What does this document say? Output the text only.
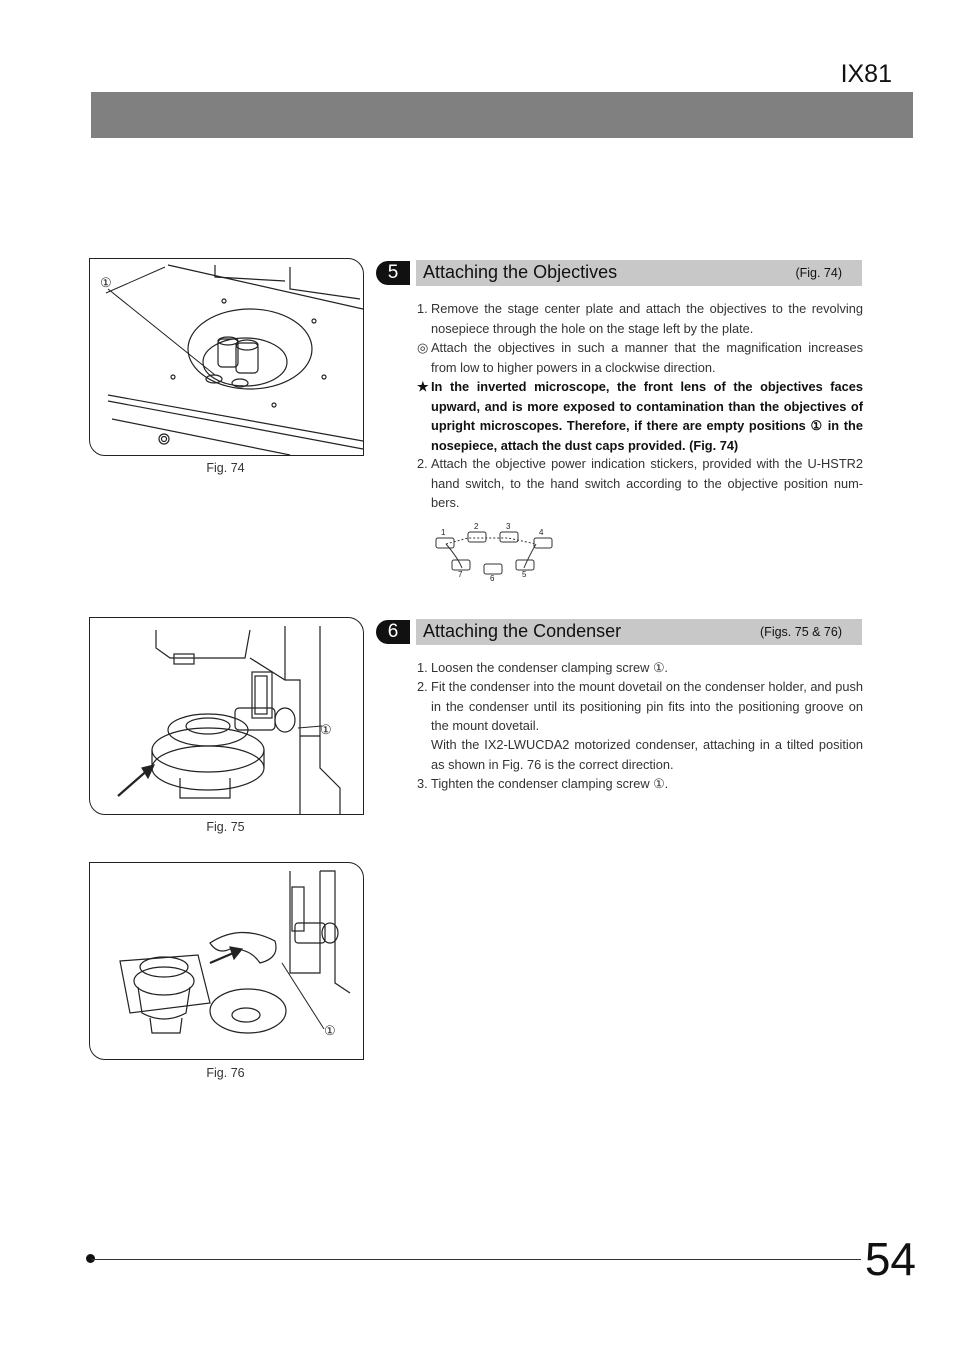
IX81
①
Fig. 74
①
Fig. 75
①
Fig. 76
5	Attaching the Objectives	(Fig. 74)
1. Remove the stage center plate and attach the objectives to the revolving nosepiece through the hole on the stage left by the plate.
◎ Attach the objectives in such a manner that the magnification increases from low to higher powers in a clockwise direction.
★ In the inverted microscope, the front lens of the objectives faces upward, and is more exposed to contamination than the objectives of upright microscopes. Therefore, if there are empty positions ① in the nosepiece, attach the dust caps provided. (Fig. 74)
2. Attach the objective power indication stickers, provided with the U-HSTR2 hand switch, to the hand switch according to the objective position num-bers.
1
2	3
4
5
6
7
6	Attaching the Condenser	(Figs. 75 & 76)
1. Loosen the condenser clamping screw ①.
2. Fit the condenser into the mount dovetail on the condenser holder, and push in the condenser until its positioning pin fits into the positioning groove on the mount dovetail.
With the IX2-LWUCDA2 motorized condenser, attaching in a tilted position as shown in Fig. 76 is the correct direction.
3. Tighten the condenser clamping screw ①.
54
